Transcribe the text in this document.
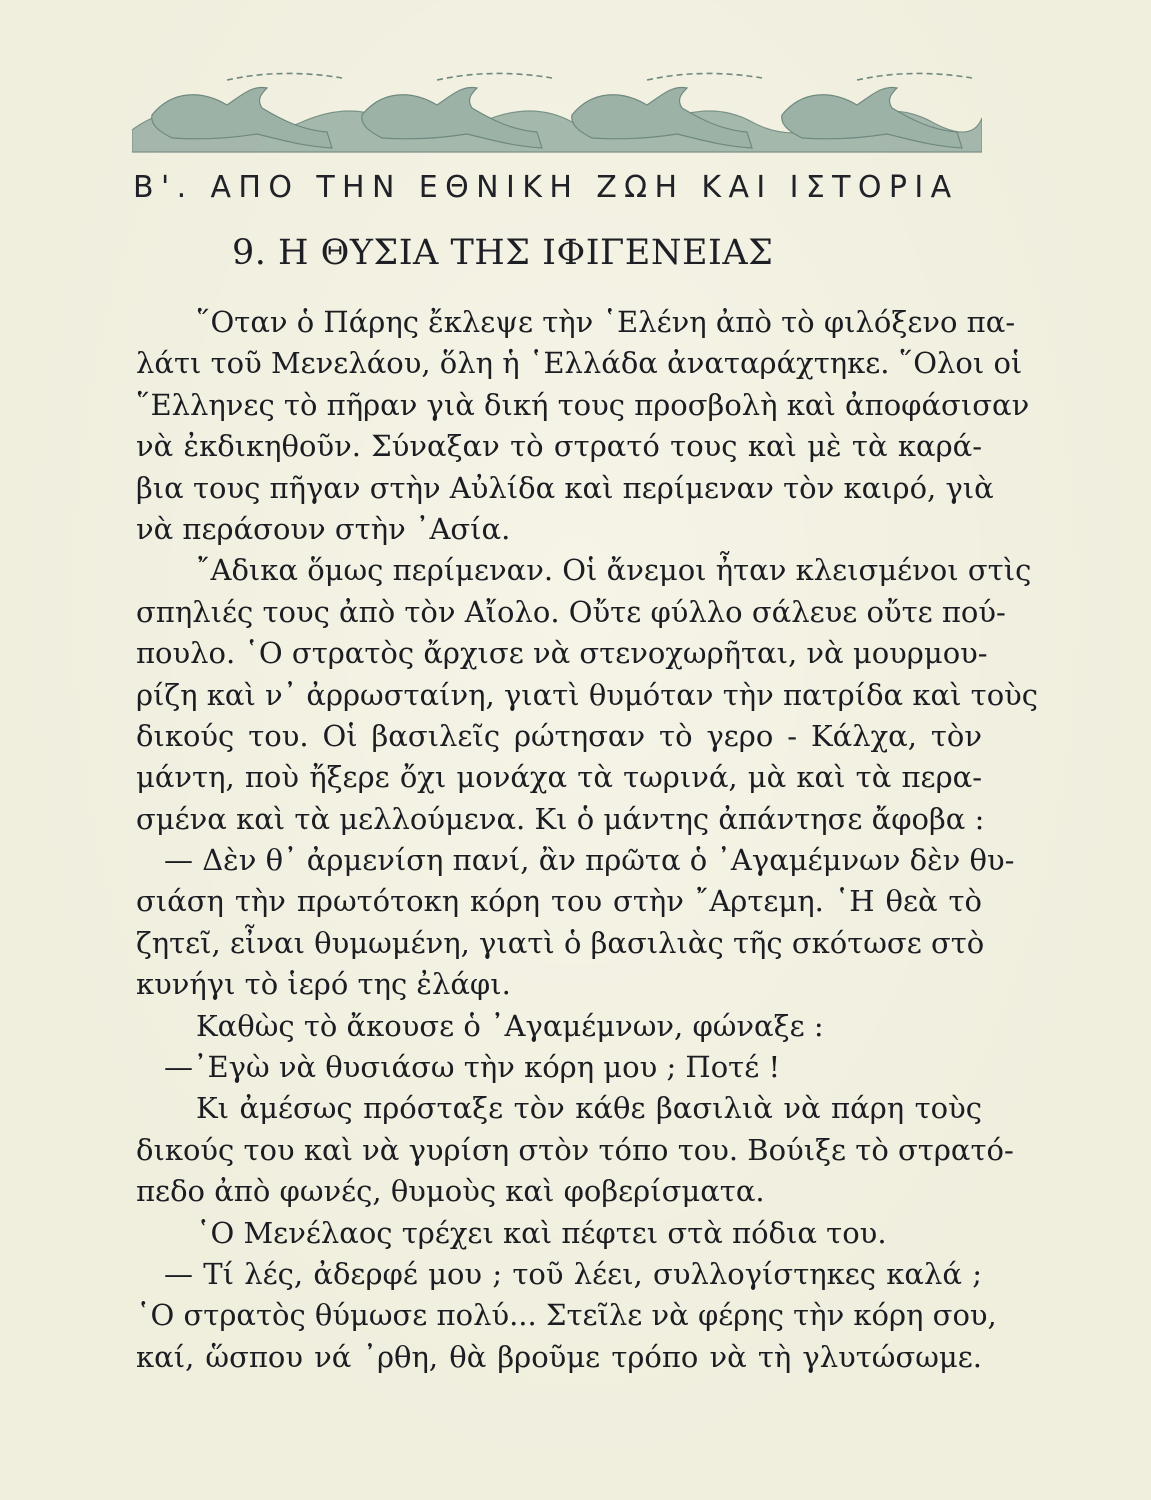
Β'. ΑΠΟ ΤΗΝ ΕΘΝΙΚΗ ΖΩΗ ΚΑΙ ΙΣΤΟΡΙΑ
9. Η ΘΥΣΙΑ ΤΗΣ ΙΦΙΓΕΝΕΙΑΣ
῞Οταν ὁ Πάρης ἔκλεψε τὴν ῾Ελένη ἀπὸ τὸ φιλόξενο πα-
λάτι τοῦ Μενελάου, ὅλη ἡ ῾Ελλάδα ἀναταράχτηκε. ῞Ολοι οἱ
῞Ελληνες τὸ πῆραν γιὰ δική τους προσβολὴ καὶ ἀποφάσισαν
νὰ ἐκδικηθοῦν. Σύναξαν τὸ στρατό τους καὶ μὲ τὰ καρά-
βια τους πῆγαν στὴν Αὐλίδα καὶ περίμεναν τὸν καιρό, γιὰ
νὰ περάσουν στὴν ᾿Ασία.
῎Αδικα ὅμως περίμεναν. Οἱ ἄνεμοι ἦταν κλεισμένοι στὶς
σπηλιές τους ἀπὸ τὸν Αἴολο. Οὔτε φύλλο σάλευε οὔτε πού-
πουλο. ῾Ο στρατὸς ἄρχισε νὰ στενοχωρῆται, νὰ μουρμου-
ρίζη καὶ ν᾿ ἀρρωσταίνη, γιατὶ θυμόταν τὴν πατρίδα καὶ τοὺς
δικούς του. Οἱ βασιλεῖς ρώτησαν τὸ γερο - Κάλχα, τὸν
μάντη, ποὺ ἤξερε ὄχι μονάχα τὰ τωρινά, μὰ καὶ τὰ περα-
σμένα καὶ τὰ μελλούμενα. Κι ὁ μάντης ἀπάντησε ἄφοβα :
— Δὲν θ᾿ ἀρμενίση πανί, ἂν πρῶτα ὁ ᾿Αγαμέμνων δὲν θυ-
σιάση τὴν πρωτότοκη κόρη του στὴν ῎Αρτεμη. ῾Η θεὰ τὸ
ζητεῖ, εἶναι θυμωμένη, γιατὶ ὁ βασιλιὰς τῆς σκότωσε στὸ
κυνήγι τὸ ἱερό της ἐλάφι.
Καθὼς τὸ ἄκουσε ὁ ᾿Αγαμέμνων, φώναξε :
—᾿Εγὼ νὰ θυσιάσω τὴν κόρη μου ; Ποτέ !
Κι ἀμέσως πρόσταξε τὸν κάθε βασιλιὰ νὰ πάρη τοὺς
δικούς του καὶ νὰ γυρίση στὸν τόπο του. Βούιξε τὸ στρατό-
πεδο ἀπὸ φωνές, θυμοὺς καὶ φοβερίσματα.
῾Ο Μενέλαος τρέχει καὶ πέφτει στὰ πόδια του.
— Τί λές, ἀδερφέ μου ; τοῦ λέει, συλλογίστηκες καλά ;
῾Ο στρατὸς θύμωσε πολύ... Στεῖλε νὰ φέρης τὴν κόρη σου,
καί, ὥσπου νά ᾿ρθη, θὰ βροῦμε τρόπο νὰ τὴ γλυτώσωμε.
